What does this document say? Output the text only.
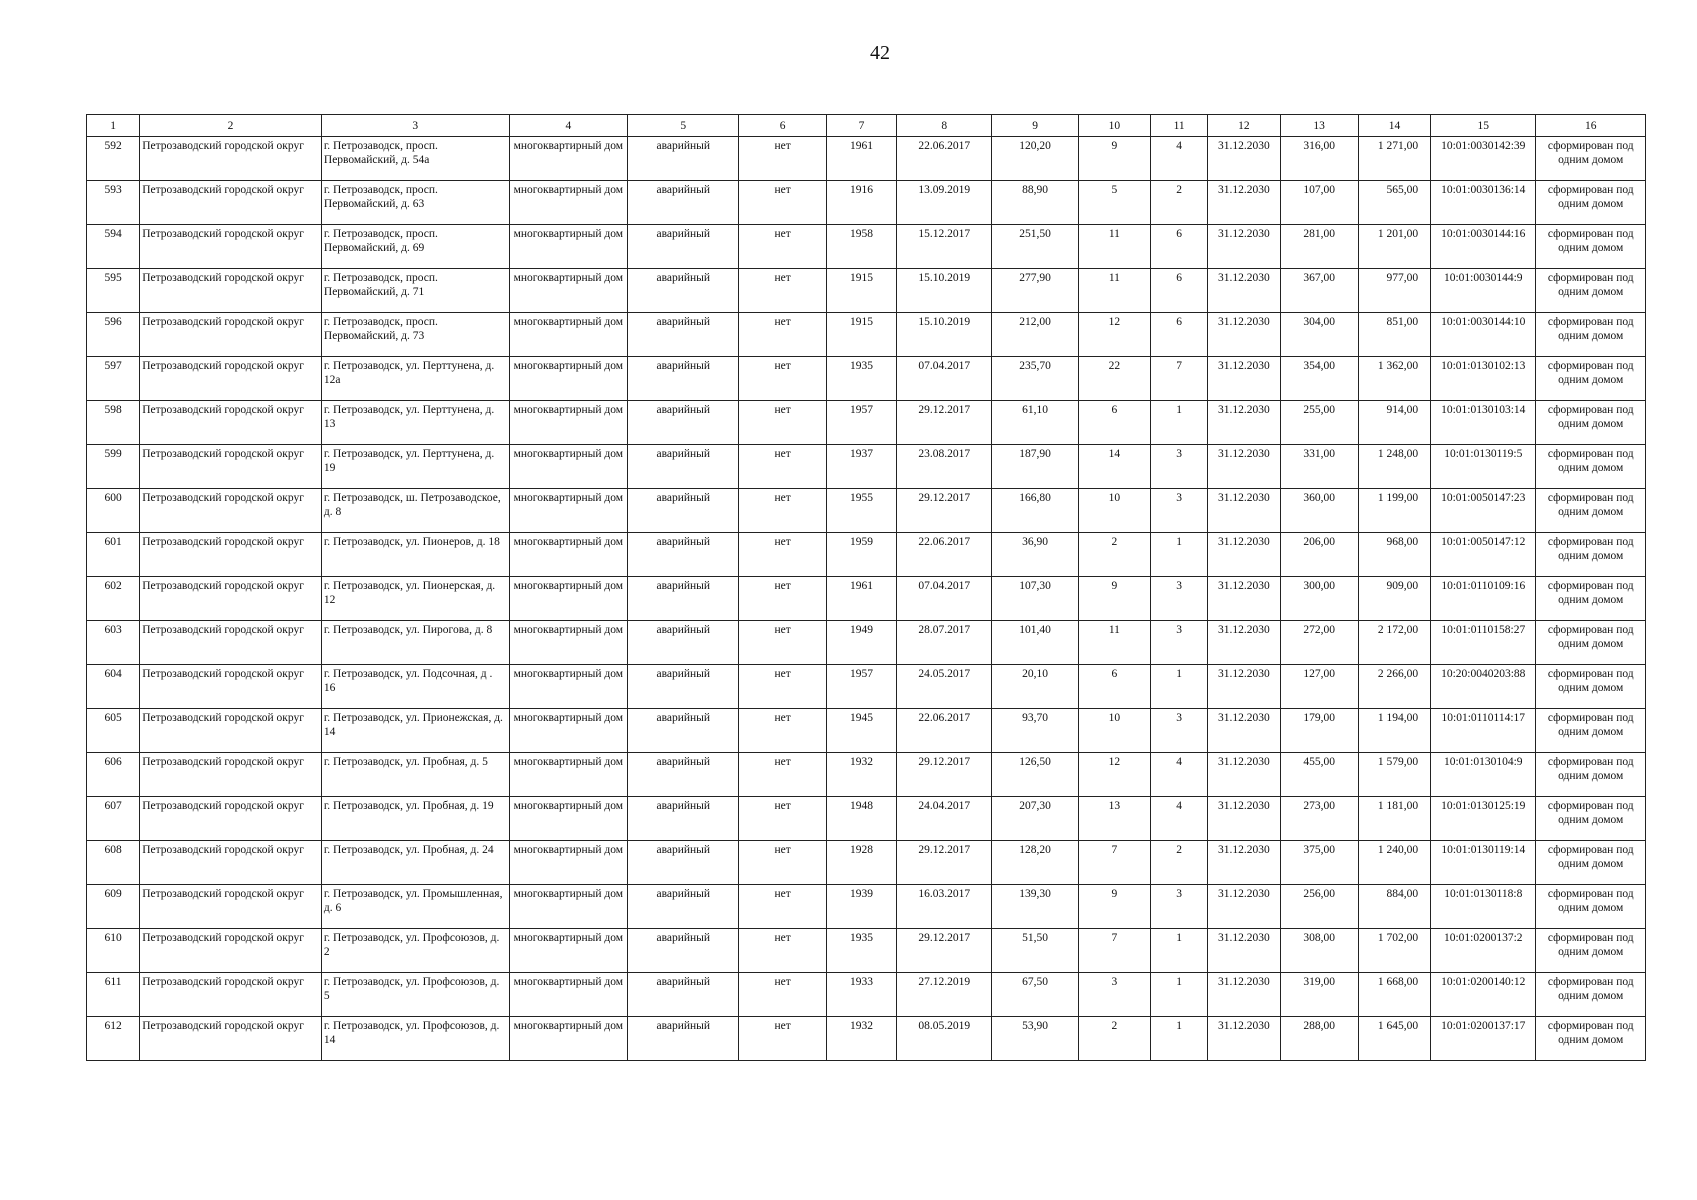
42
1	2	3	4	5	6	7	8	9	10	11	12	13	14	15	16
592	Петрозаводский городской округ	г. Петрозаводск, просп. Первомайский, д. 54а	многоквартирный дом	аварийный	нет	1961	22.06.2017	120,20	9	4	31.12.2030	316,00	1 271,00	10:01:0030142:39	сформирован под одним домом
593	Петрозаводский городской округ	г. Петрозаводск, просп. Первомайский, д. 63	многоквартирный дом	аварийный	нет	1916	13.09.2019	88,90	5	2	31.12.2030	107,00	565,00	10:01:0030136:14	сформирован под одним домом
594	Петрозаводский городской округ	г. Петрозаводск, просп. Первомайский, д. 69	многоквартирный дом	аварийный	нет	1958	15.12.2017	251,50	11	6	31.12.2030	281,00	1 201,00	10:01:0030144:16	сформирован под одним домом
595	Петрозаводский городской округ	г. Петрозаводск, просп. Первомайский, д. 71	многоквартирный дом	аварийный	нет	1915	15.10.2019	277,90	11	6	31.12.2030	367,00	977,00	10:01:0030144:9	сформирован под одним домом
596	Петрозаводский городской округ	г. Петрозаводск, просп. Первомайский, д. 73	многоквартирный дом	аварийный	нет	1915	15.10.2019	212,00	12	6	31.12.2030	304,00	851,00	10:01:0030144:10	сформирован под одним домом
597	Петрозаводский городской округ	г. Петрозаводск, ул. Перттунена, д. 12а	многоквартирный дом	аварийный	нет	1935	07.04.2017	235,70	22	7	31.12.2030	354,00	1 362,00	10:01:0130102:13	сформирован под одним домом
598	Петрозаводский городской округ	г. Петрозаводск, ул. Перттунена, д. 13	многоквартирный дом	аварийный	нет	1957	29.12.2017	61,10	6	1	31.12.2030	255,00	914,00	10:01:0130103:14	сформирован под одним домом
599	Петрозаводский городской округ	г. Петрозаводск, ул. Перттунена, д. 19	многоквартирный дом	аварийный	нет	1937	23.08.2017	187,90	14	3	31.12.2030	331,00	1 248,00	10:01:0130119:5	сформирован под одним домом
600	Петрозаводский городской округ	г. Петрозаводск, ш. Петрозаводское, д. 8	многоквартирный дом	аварийный	нет	1955	29.12.2017	166,80	10	3	31.12.2030	360,00	1 199,00	10:01:0050147:23	сформирован под одним домом
601	Петрозаводский городской округ	г. Петрозаводск, ул. Пионеров, д. 18	многоквартирный дом	аварийный	нет	1959	22.06.2017	36,90	2	1	31.12.2030	206,00	968,00	10:01:0050147:12	сформирован под одним домом
602	Петрозаводский городской округ	г. Петрозаводск, ул. Пионерская, д. 12	многоквартирный дом	аварийный	нет	1961	07.04.2017	107,30	9	3	31.12.2030	300,00	909,00	10:01:0110109:16	сформирован под одним домом
603	Петрозаводский городской округ	г. Петрозаводск, ул. Пирогова, д. 8	многоквартирный дом	аварийный	нет	1949	28.07.2017	101,40	11	3	31.12.2030	272,00	2 172,00	10:01:0110158:27	сформирован под одним домом
604	Петрозаводский городской округ	г. Петрозаводск, ул. Подсочная, д . 16	многоквартирный дом	аварийный	нет	1957	24.05.2017	20,10	6	1	31.12.2030	127,00	2 266,00	10:20:0040203:88	сформирован под одним домом
605	Петрозаводский городской округ	г. Петрозаводск, ул. Прионежская, д. 14	многоквартирный дом	аварийный	нет	1945	22.06.2017	93,70	10	3	31.12.2030	179,00	1 194,00	10:01:0110114:17	сформирован под одним домом
606	Петрозаводский городской округ	г. Петрозаводск, ул. Пробная, д. 5	многоквартирный дом	аварийный	нет	1932	29.12.2017	126,50	12	4	31.12.2030	455,00	1 579,00	10:01:0130104:9	сформирован под одним домом
607	Петрозаводский городской округ	г. Петрозаводск, ул. Пробная, д. 19	многоквартирный дом	аварийный	нет	1948	24.04.2017	207,30	13	4	31.12.2030	273,00	1 181,00	10:01:0130125:19	сформирован под одним домом
608	Петрозаводский городской округ	г. Петрозаводск, ул. Пробная, д. 24	многоквартирный дом	аварийный	нет	1928	29.12.2017	128,20	7	2	31.12.2030	375,00	1 240,00	10:01:0130119:14	сформирован под одним домом
609	Петрозаводский городской округ	г. Петрозаводск, ул. Промышленная, д. 6	многоквартирный дом	аварийный	нет	1939	16.03.2017	139,30	9	3	31.12.2030	256,00	884,00	10:01:0130118:8	сформирован под одним домом
610	Петрозаводский городской округ	г. Петрозаводск, ул. Профсоюзов, д. 2	многоквартирный дом	аварийный	нет	1935	29.12.2017	51,50	7	1	31.12.2030	308,00	1 702,00	10:01:0200137:2	сформирован под одним домом
611	Петрозаводский городской округ	г. Петрозаводск, ул. Профсоюзов, д. 5	многоквартирный дом	аварийный	нет	1933	27.12.2019	67,50	3	1	31.12.2030	319,00	1 668,00	10:01:0200140:12	сформирован под одним домом
612	Петрозаводский городской округ	г. Петрозаводск, ул. Профсоюзов, д. 14	многоквартирный дом	аварийный	нет	1932	08.05.2019	53,90	2	1	31.12.2030	288,00	1 645,00	10:01:0200137:17	сформирован под одним домом
